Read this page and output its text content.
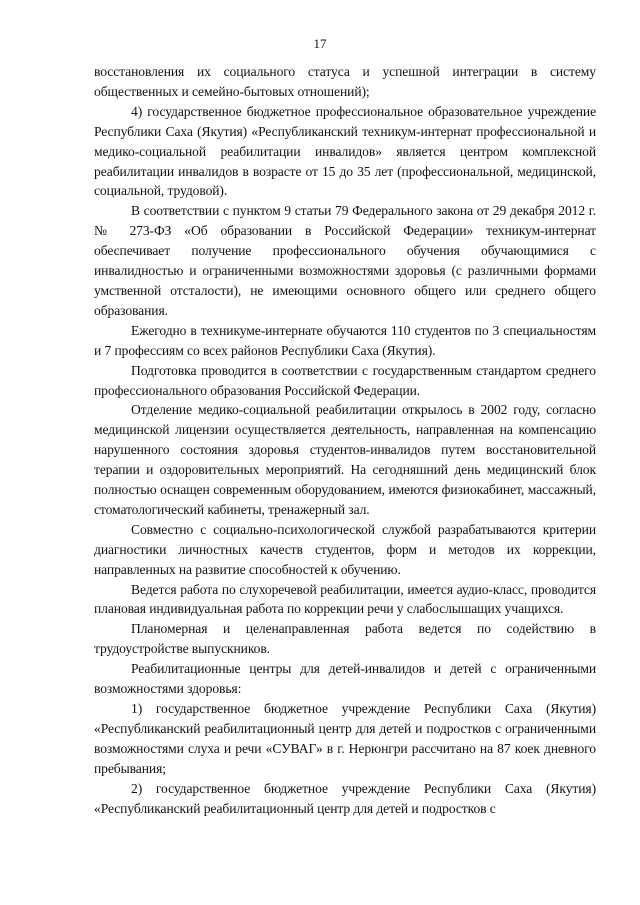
17

восстановления их социального статуса и успешной интеграции в систему общественных и семейно-бытовых отношений);

4) государственное бюджетное профессиональное образовательное учреждение Республики Саха (Якутия) «Республиканский техникум-интернат профессиональной и медико-социальной реабилитации инвалидов» является центром комплексной реабилитации инвалидов в возрасте от 15 до 35 лет (профессиональной, медицинской, социальной, трудовой).

В соответствии с пунктом 9 статьи 79 Федерального закона от 29 декабря 2012 г. № 273-ФЗ «Об образовании в Российской Федерации» техникум-интернат обеспечивает получение профессионального обучения обучающимися с инвалидностью и ограниченными возможностями здоровья (с различными формами умственной отсталости), не имеющими основного общего или среднего общего образования.

Ежегодно в техникуме-интернате обучаются 110 студентов по 3 специальностям и 7 профессиям со всех районов Республики Саха (Якутия).

Подготовка проводится в соответствии с государственным стандартом среднего профессионального образования Российской Федерации.

Отделение медико-социальной реабилитации открылось в 2002 году, согласно медицинской лицензии осуществляется деятельность, направленная на компенсацию нарушенного состояния здоровья студентов-инвалидов путем восстановительной терапии и оздоровительных мероприятий. На сегодняшний день медицинский блок полностью оснащен современным оборудованием, имеются физиокабинет, массажный, стоматологический кабинеты, тренажерный зал.

Совместно с социально-психологической службой разрабатываются критерии диагностики личностных качеств студентов, форм и методов их коррекции, направленных на развитие способностей к обучению.

Ведется работа по слухоречевой реабилитации, имеется аудио-класс, проводится плановая индивидуальная работа по коррекции речи у слабослышащих учащихся.

Планомерная и целенаправленная работа ведется по содействию в трудоустройстве выпускников.

Реабилитационные центры для детей-инвалидов и детей с ограниченными возможностями здоровья:

1) государственное бюджетное учреждение Республики Саха (Якутия) «Республиканский реабилитационный центр для детей и подростков с ограниченными возможностями слуха и речи «СУВАГ» в г. Нерюнгри рассчитано на 87 коек дневного пребывания;

2) государственное бюджетное учреждение Республики Саха (Якутия) «Республиканский реабилитационный центр для детей и подростков с
